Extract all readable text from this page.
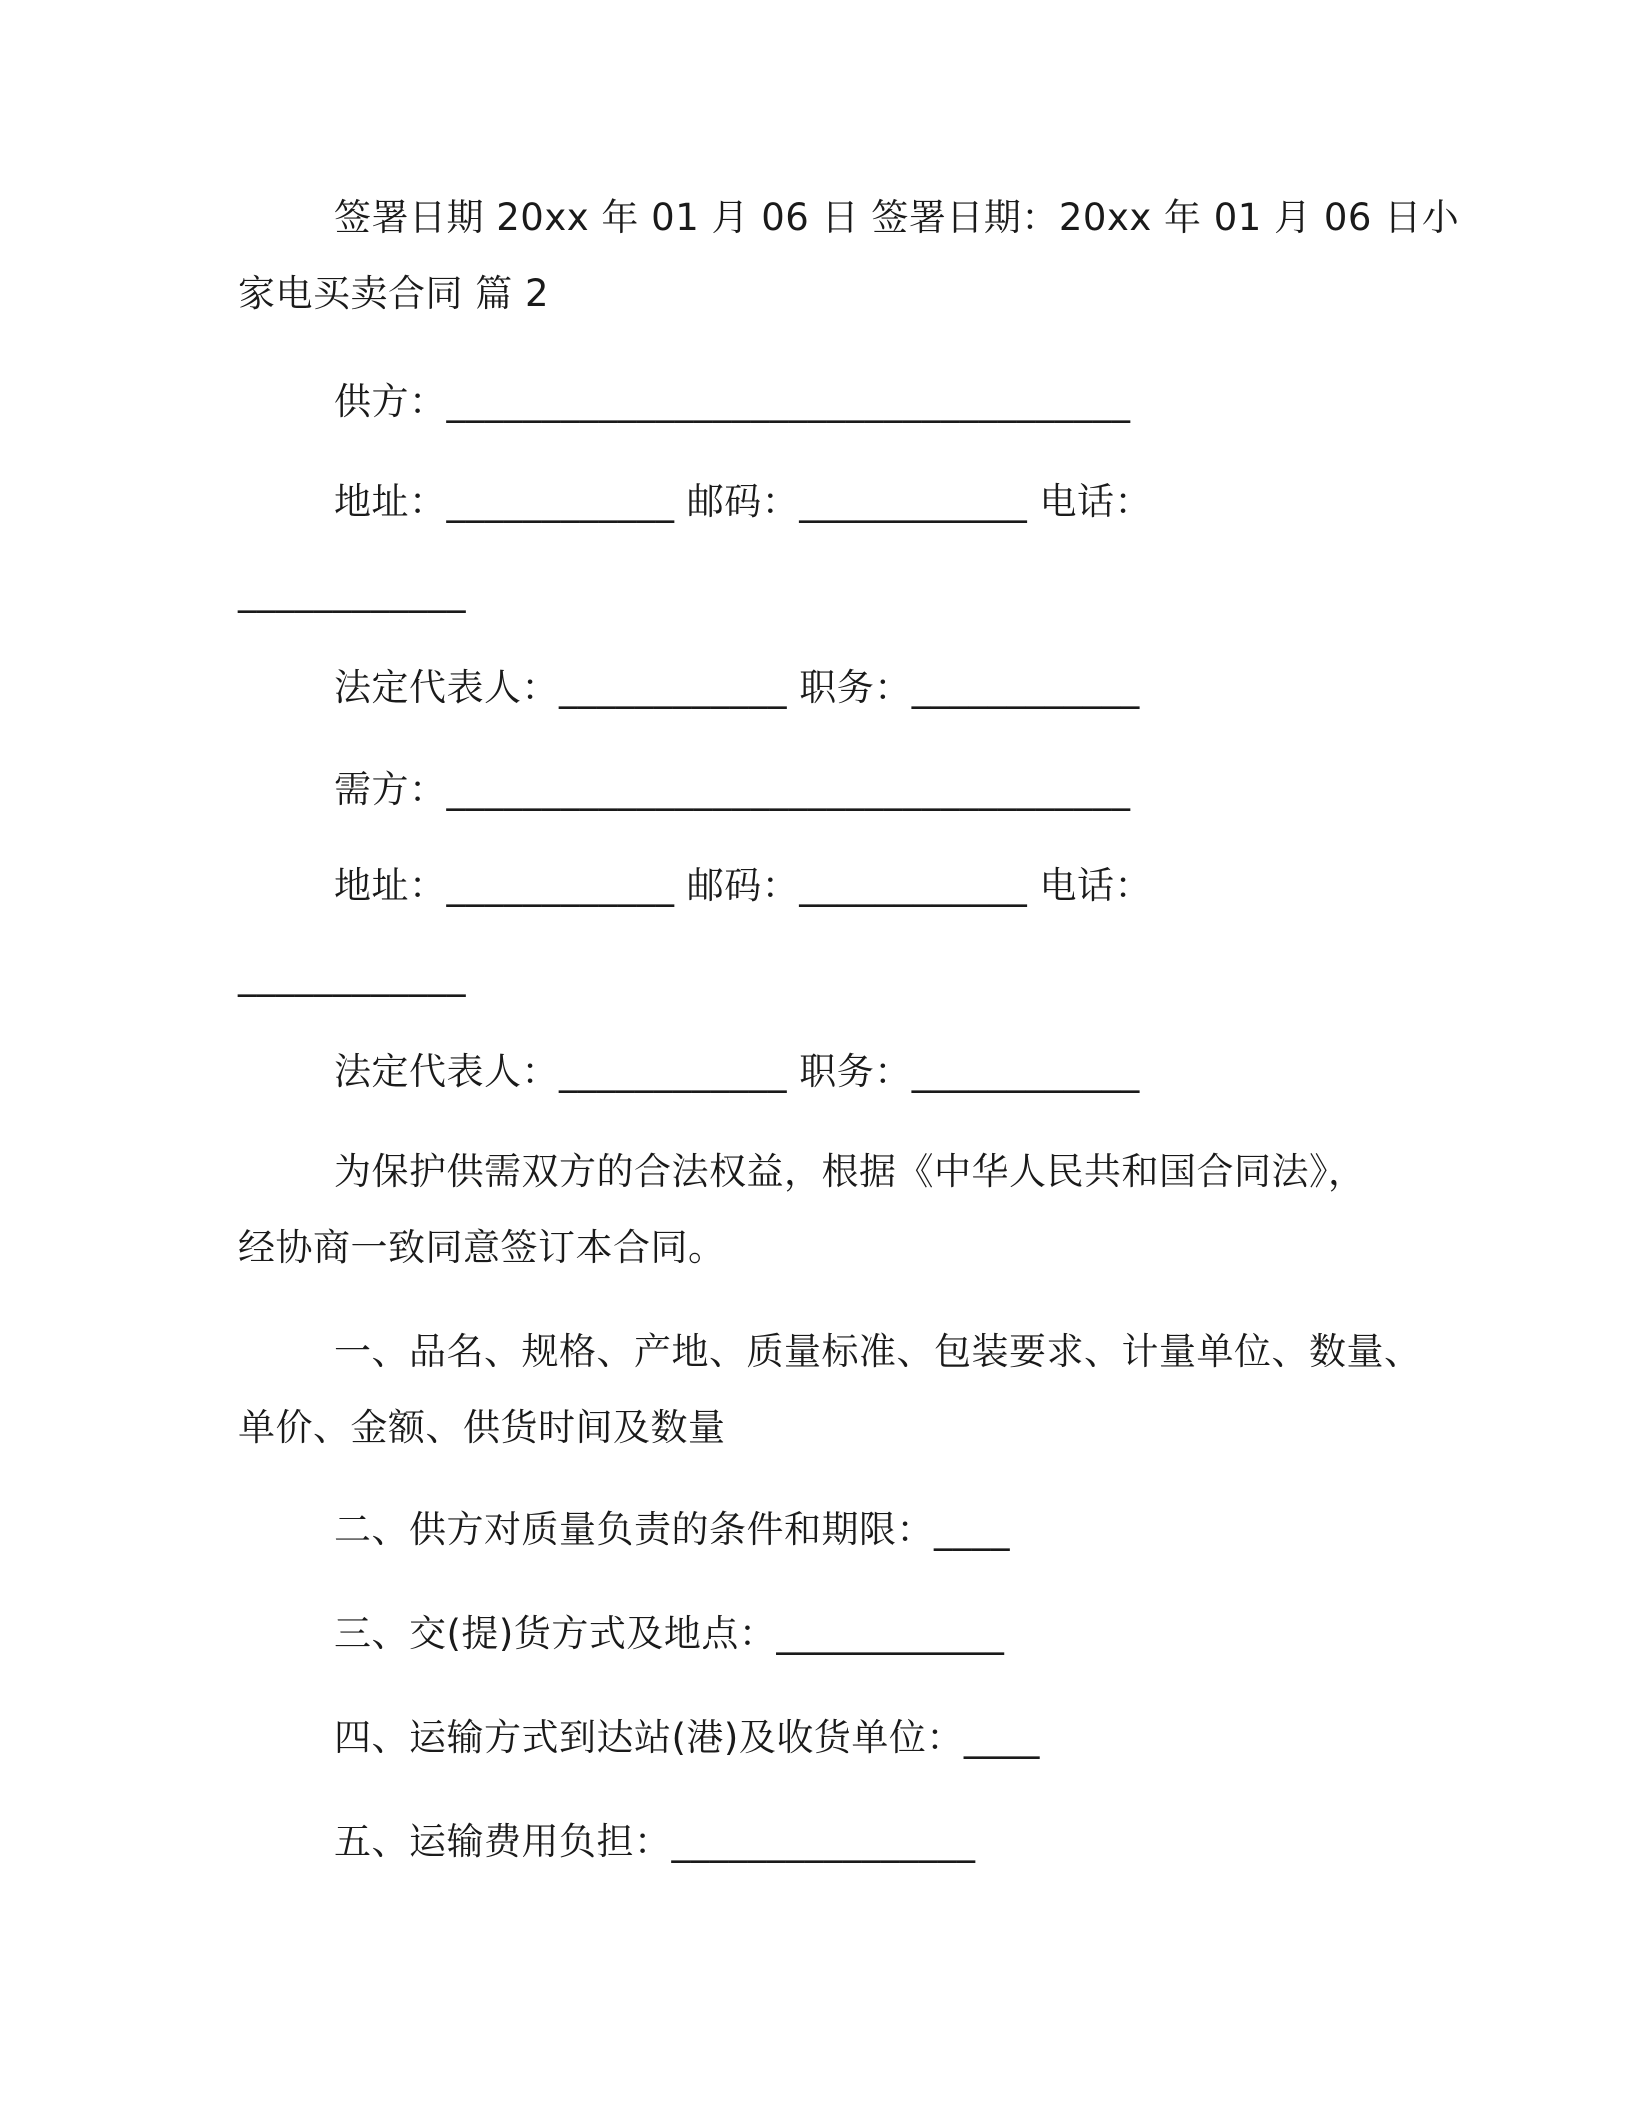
签署日期 20xx 年 01 月 06 日 签署日期：20xx 年 01 月 06 日小
家电买卖合同 篇 2
供方：____________________________________
地址：____________ 邮码：____________ 电话：
____________
法定代表人：____________ 职务：____________
需方：____________________________________
地址：____________ 邮码：____________ 电话：
____________
法定代表人：____________ 职务：____________
为保护供需双方的合法权益，根据《中华人民共和国合同法》，
经协商一致同意签订本合同。
一、品名、规格、产地、质量标准、包装要求、计量单位、数量、
单价、金额、供货时间及数量
二、供方对质量负责的条件和期限：____
三、交(提)货方式及地点：____________
四、运输方式到达站(港)及收货单位：____
五、运输费用负担：________________
